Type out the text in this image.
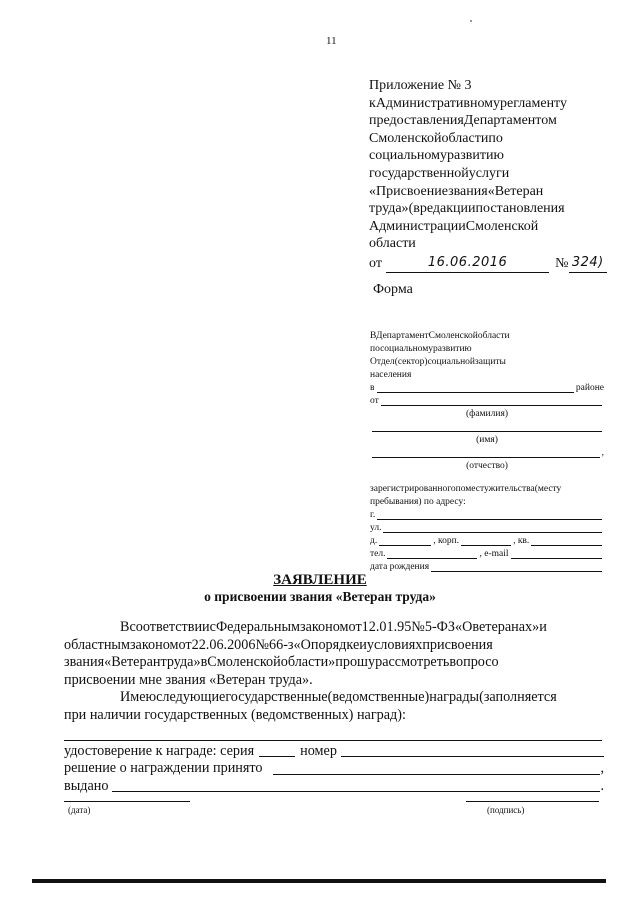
11
Приложение № 3
кАдминистративномурегламенту
предоставленияДепартаментом
Смоленскойобластипо
социальномуразвитию
государственнойуслуги
«Присвоениезвания«Ветеран
труда»(вредакциипостановления
АдминистрацииСмоленской
области
от	16.06.2016	№ 324)
Форма
ВДепартаментСмоленскойобласти
посоциальномуразвитию
Отдел(сектор)социальнойзащиты
населения
в	районе
от
(фамилия)
(имя)
,
(отчество)
зарегистрированногопоместужительства(месту
пребывания) по адресу:
г.
ул.
д.	, корп.	, кв.
тел.	, e-mail
дата рождения
ЗАЯВЛЕНИЕ
о присвоении звания «Ветеран труда»
ВсоответствиисФедеральнымзакономот12.01.95№5-ФЗ«Оветеранах»и
областнымзакономот22.06.2006№66-з«Опорядкеиусловияхприсвоения
звания«Ветерантруда»вСмоленскойобласти»прошурассмотретьвопросо
присвоении мне звания «Ветеран труда».
Имеюследующиегосударственные(ведомственные)награды(заполняется
при наличии государственных (ведомственных) наград):
удостоверение к награде: серия	номер
решение о награждении принято	,
выдано	.
(дата)	(подпись)
